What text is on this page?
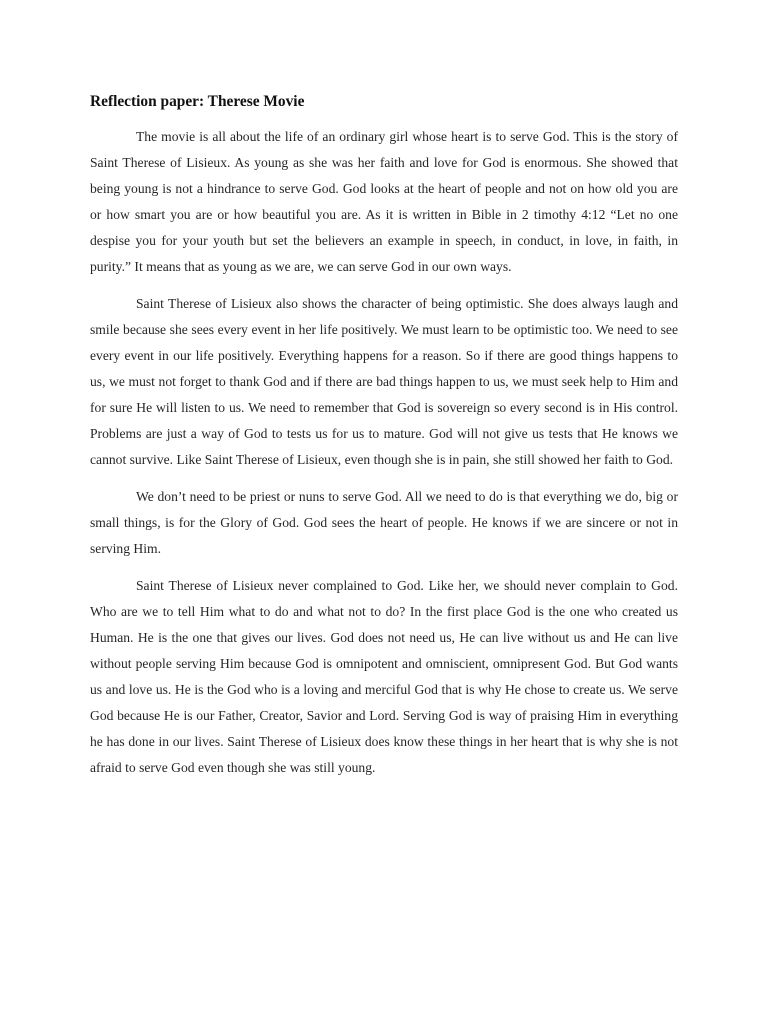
Reflection paper: Therese Movie

The movie is all about the life of an ordinary girl whose heart is to serve God. This is the story of Saint Therese of Lisieux. As young as she was her faith and love for God is enormous. She showed that being young is not a hindrance to serve God. God looks at the heart of people and not on how old you are or how smart you are or how beautiful you are. As it is written in Bible in 2 timothy 4:12 “Let no one despise you for your youth but set the believers an example in speech, in conduct, in love, in faith, in purity.” It means that as young as we are, we can serve God in our own ways.

Saint Therese of Lisieux also shows the character of being optimistic. She does always laugh and smile because she sees every event in her life positively. We must learn to be optimistic too. We need to see every event in our life positively. Everything happens for a reason. So if there are good things happens to us, we must not forget to thank God and if there are bad things happen to us, we must seek help to Him and for sure He will listen to us. We need to remember that God is sovereign so every second is in His control. Problems are just a way of God to tests us for us to mature. God will not give us tests that He knows we cannot survive. Like Saint Therese of Lisieux, even though she is in pain, she still showed her faith to God.

We don’t need to be priest or nuns to serve God. All we need to do is that everything we do, big or small things, is for the Glory of God. God sees the heart of people. He knows if we are sincere or not in serving Him.

Saint Therese of Lisieux never complained to God. Like her, we should never complain to God. Who are we to tell Him what to do and what not to do? In the first place God is the one who created us Human. He is the one that gives our lives. God does not need us, He can live without us and He can live without people serving Him because God is omnipotent and omniscient, omnipresent God. But God wants us and love us. He is the God who is a loving and merciful God that is why He chose to create us. We serve God because He is our Father, Creator, Savior and Lord. Serving God is way of praising Him in everything he has done in our lives. Saint Therese of Lisieux does know these things in her heart that is why she is not afraid to serve God even though she was still young.
